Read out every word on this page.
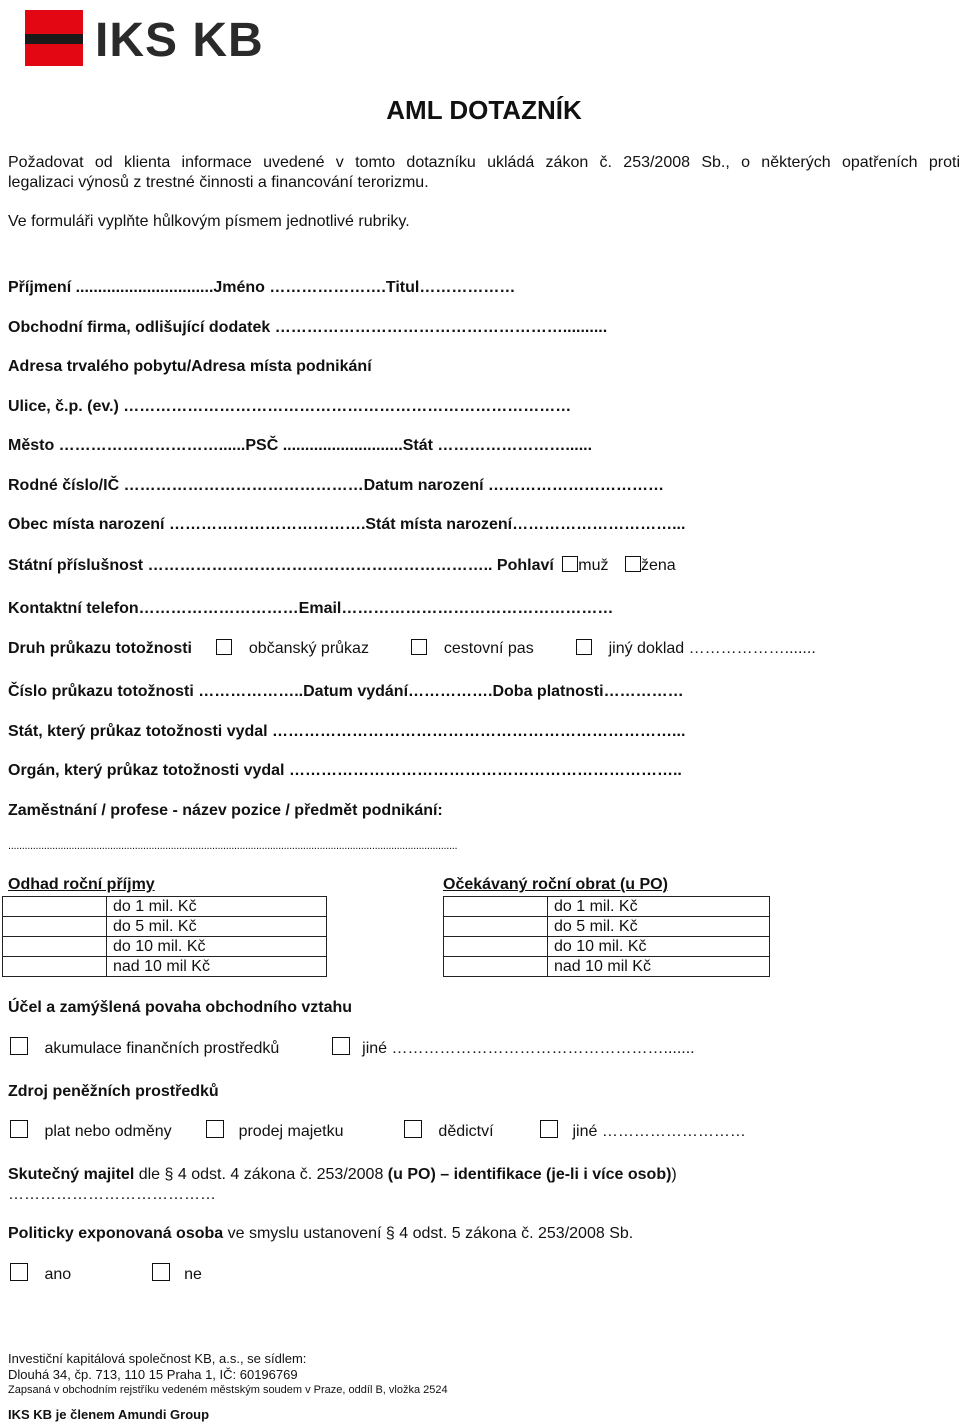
IKS KB
AML DOTAZNÍK
Požadovat od klienta informace uvedené v tomto dotazníku ukládá zákon č. 253/2008 Sb., o některých opatřeních proti
legalizaci výnosů z trestné činnosti a financování terorizmu.
Ve formuláři vyplňte hůlkovým písmem jednotlivé rubriky.
Příjmení ...............................Jméno ………………….Titul………………
Obchodní firma, odlišující dodatek ………………………………………………..........
Adresa trvalého pobytu/Adresa místa podnikání
Ulice, č.p. (ev.) …………………………………………………………………………
Město …………………………......PSČ ...........................Stát ……………………......
Rodné číslo/IČ ………………………………………Datum narození ……………………………
Obec místa narození ……………………………….Stát místa narození…………………………...
Státní příslušnost ……………………………………………………….. Pohlaví muž žena
Kontaktní telefon…………………………Email……………………………………………
Druh průkazu totožnosti	občanský průkaz	cestovní pas	jiný doklad ……………….......
Číslo průkazu totožnosti ………………..Datum vydání…………….Doba platnosti……………
Stát, který průkaz totožnosti vydal …………………………………………………………………...
Orgán, který průkaz totožnosti vydal ………………………………………………………………..
Zaměstnání / profese - název pozice / předmět podnikání:
...................................................................................................................................................................
Odhad roční příjmy
	do 1 mil. Kč
	do 5 mil. Kč
	do 10 mil. Kč
	nad 10 mil Kč
Očekávaný roční obrat (u PO)
	do 1 mil. Kč
	do 5 mil. Kč
	do 10 mil. Kč
	nad 10 mil Kč
Účel a zamýšlená povaha obchodního vztahu
akumulace finančních prostředků	jiné …………………………………………….......
Zdroj peněžních prostředků
plat nebo odměny	prodej majetku	dědictví	jiné ………………………
Skutečný majitel dle § 4 odst. 4 zákona č. 253/2008 (u PO) – identifikace (je-li i více osob))
…………………………………
Politicky exponovaná osoba ve smyslu ustanovení § 4 odst. 5 zákona č. 253/2008 Sb.
ano	ne
Investiční kapitálová společnost KB, a.s., se sídlem:
Dlouhá 34, čp. 713, 110 15 Praha 1, IČ: 60196769
Zapsaná v obchodním rejstříku vedeném městským soudem v Praze, oddíl B, vložka 2524
IKS KB je členem Amundi Group
